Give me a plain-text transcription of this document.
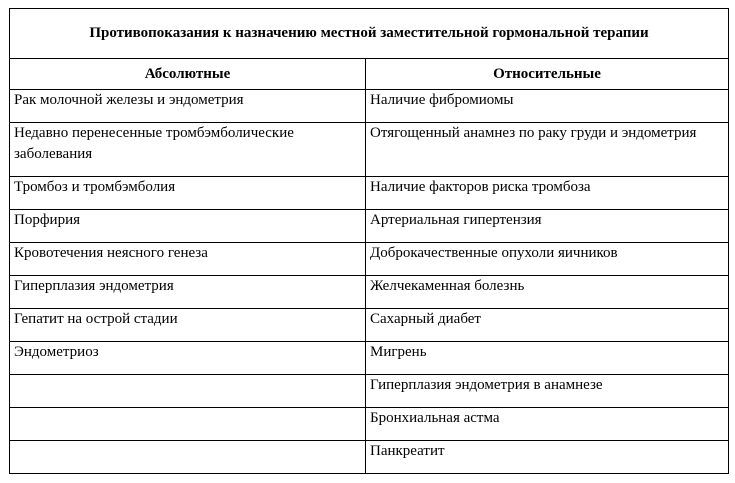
Противопоказания к назначению местной заместительной гормональной терапии	
Абсолютные	Относительные
Рак молочной железы и эндометрия	Наличие фибромиомы
Недавно перенесенные тромбэмболические заболевания	Отягощенный анамнез по раку груди и эндометрия
Тромбоз и тромбэмболия	Наличие факторов риска тромбоза
Порфирия	Артериальная гипертензия
Кровотечения неясного генеза	Доброкачественные опухоли яичников
Гиперплазия эндометрия	Желчекаменная болезнь
Гепатит на острой стадии	Сахарный диабет
Эндометриоз	Мигрень
	Гиперплазия эндометрия в анамнезе
	Бронхиальная астма
	Панкреатит
